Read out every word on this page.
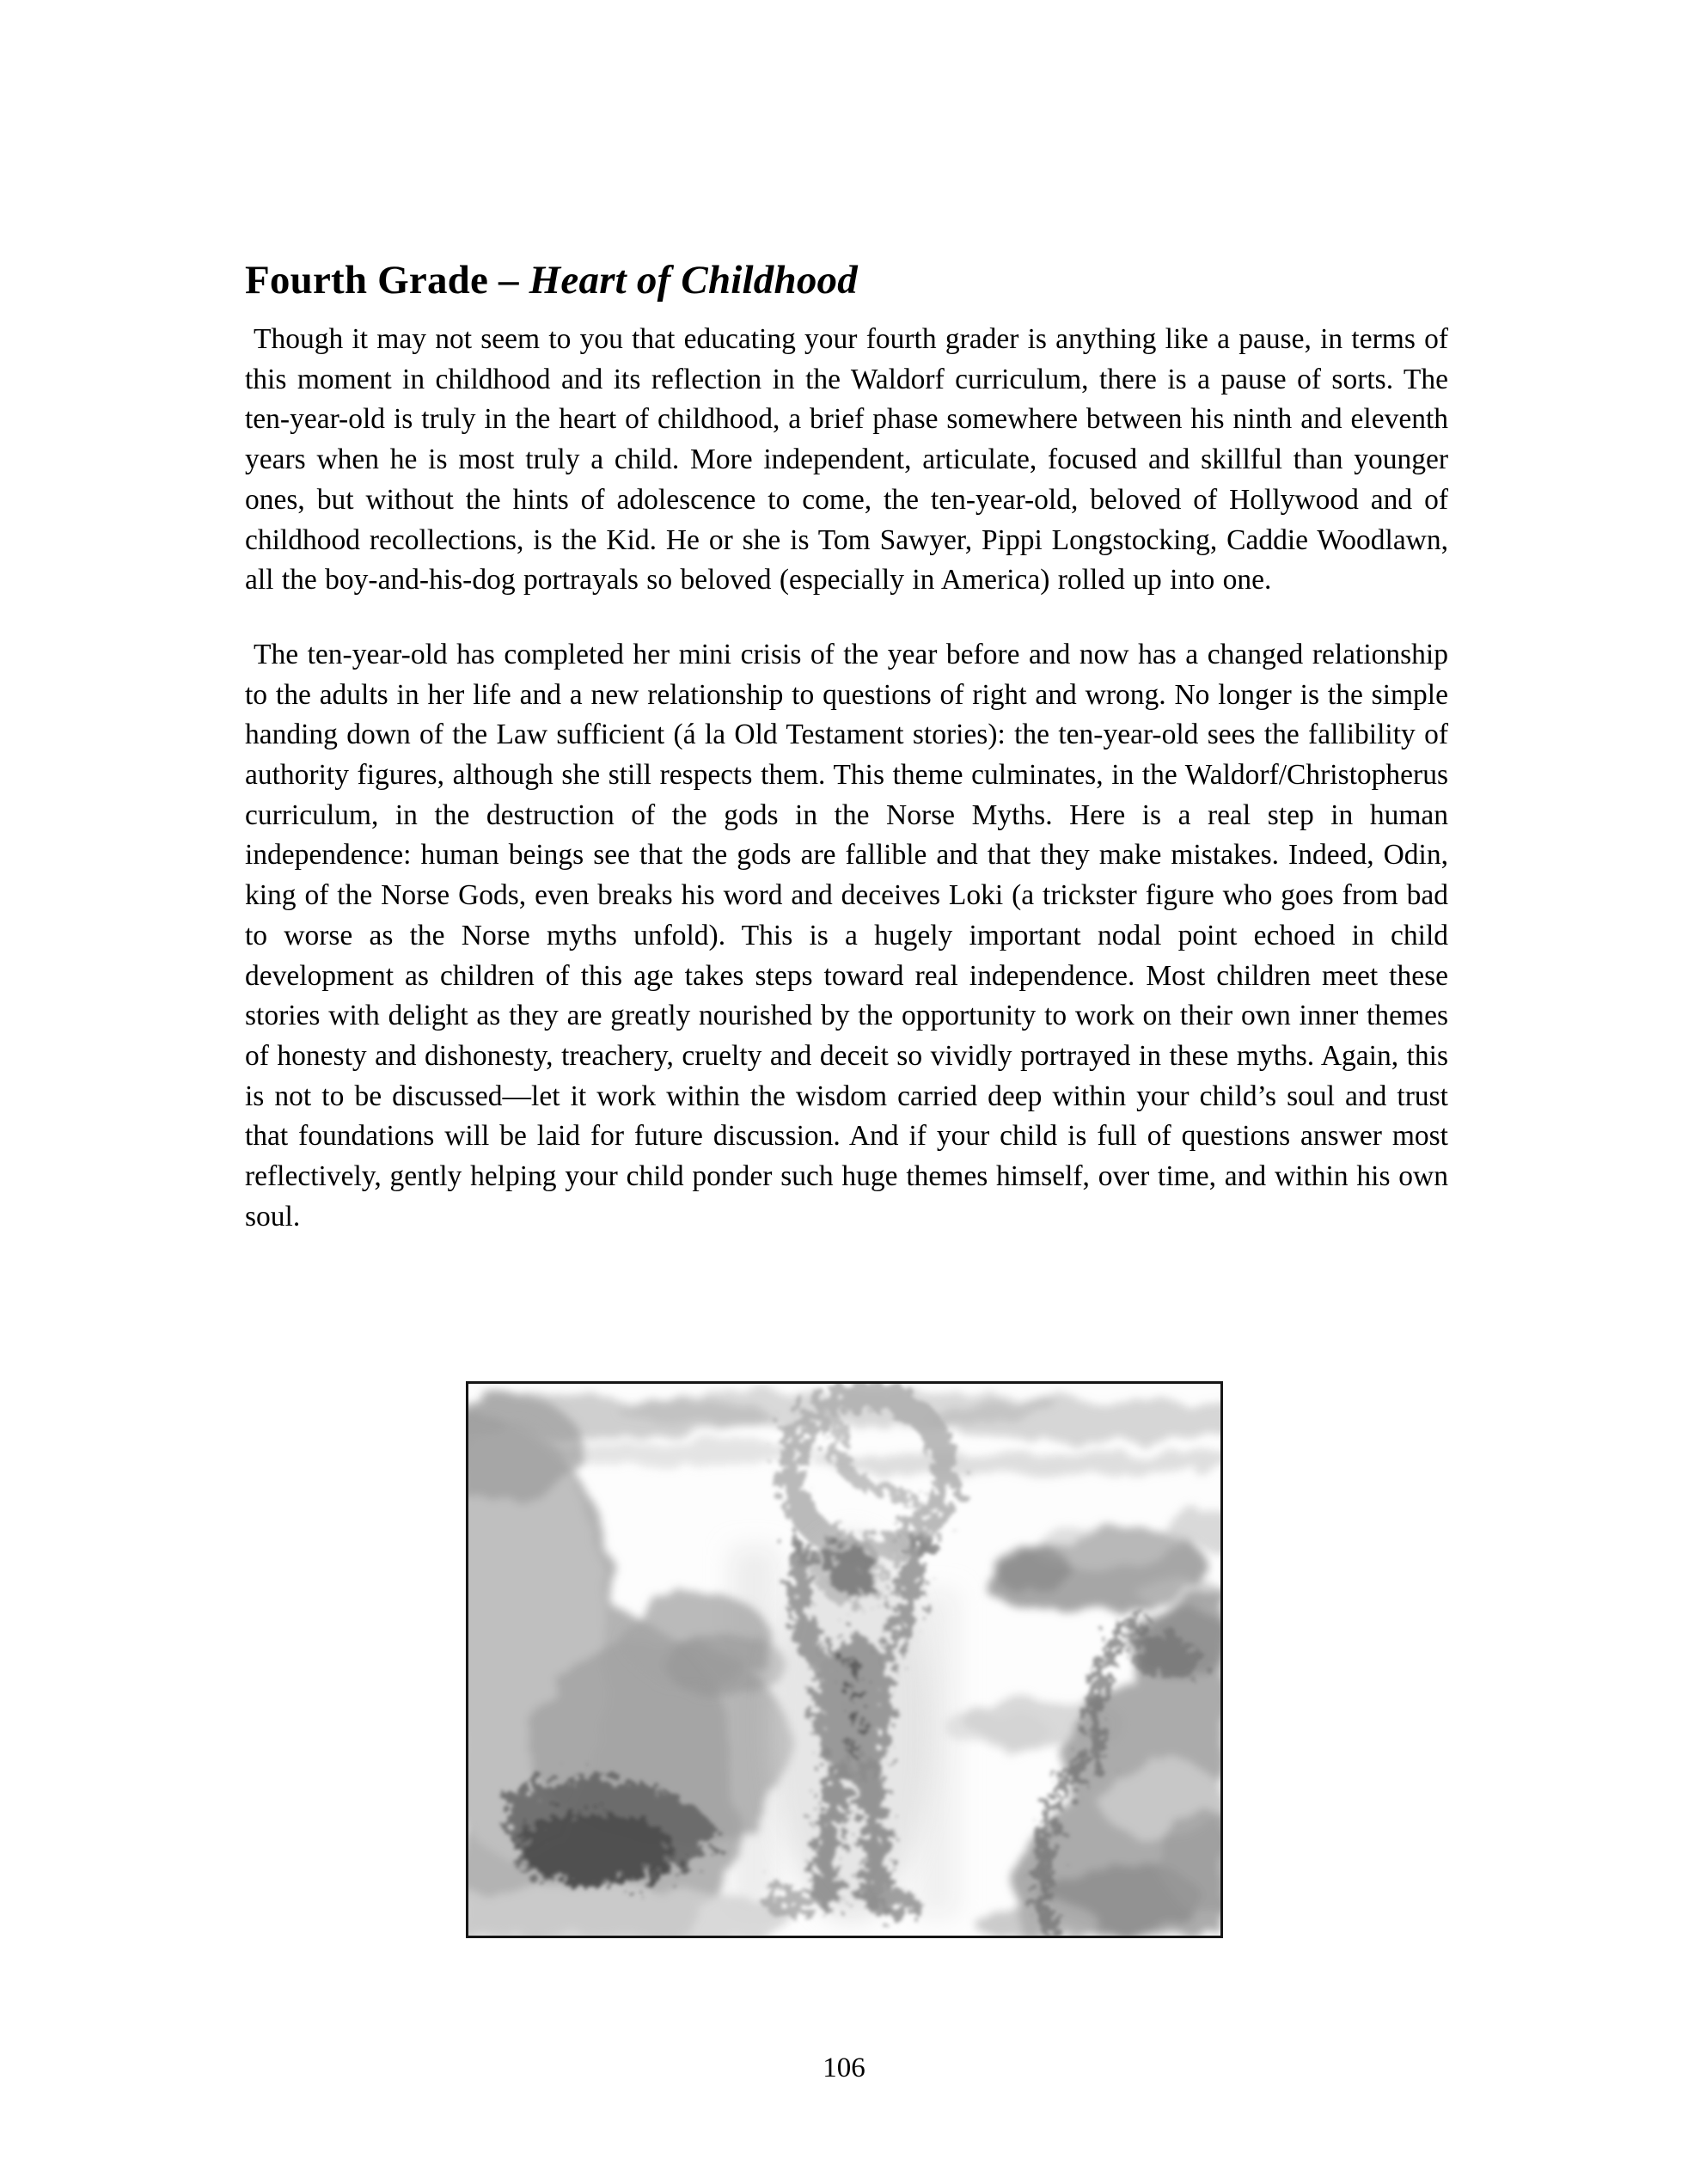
Fourth Grade – Heart of Childhood

Though it may not seem to you that educating your fourth grader is anything like a pause, in terms of this moment in childhood and its reflection in the Waldorf curriculum, there is a pause of sorts. The ten-year-old is truly in the heart of childhood, a brief phase somewhere between his ninth and eleventh years when he is most truly a child. More independent, articulate, focused and skillful than younger ones, but without the hints of adolescence to come, the ten-year-old, beloved of Hollywood and of childhood recollections, is the Kid. He or she is Tom Sawyer, Pippi Longstocking, Caddie Woodlawn, all the boy-and-his-dog portrayals so beloved (especially in America) rolled up into one.

The ten-year-old has completed her mini crisis of the year before and now has a changed relationship to the adults in her life and a new relationship to questions of right and wrong. No longer is the simple handing down of the Law sufficient (á la Old Testament stories): the ten-year-old sees the fallibility of authority figures, although she still respects them. This theme culminates, in the Waldorf/Christopherus curriculum, in the destruction of the gods in the Norse Myths. Here is a real step in human independence: human beings see that the gods are fallible and that they make mistakes. Indeed, Odin, king of the Norse Gods, even breaks his word and deceives Loki (a trickster figure who goes from bad to worse as the Norse myths unfold). This is a hugely important nodal point echoed in child development as children of this age takes steps toward real independence. Most children meet these stories with delight as they are greatly nourished by the opportunity to work on their own inner themes of honesty and dishonesty, treachery, cruelty and deceit so vividly portrayed in these myths. Again, this is not to be discussed—let it work within the wisdom carried deep within your child’s soul and trust that foundations will be laid for future discussion. And if your child is full of questions answer most reflectively, gently helping your child ponder such huge themes himself, over time, and within his own soul.

106
